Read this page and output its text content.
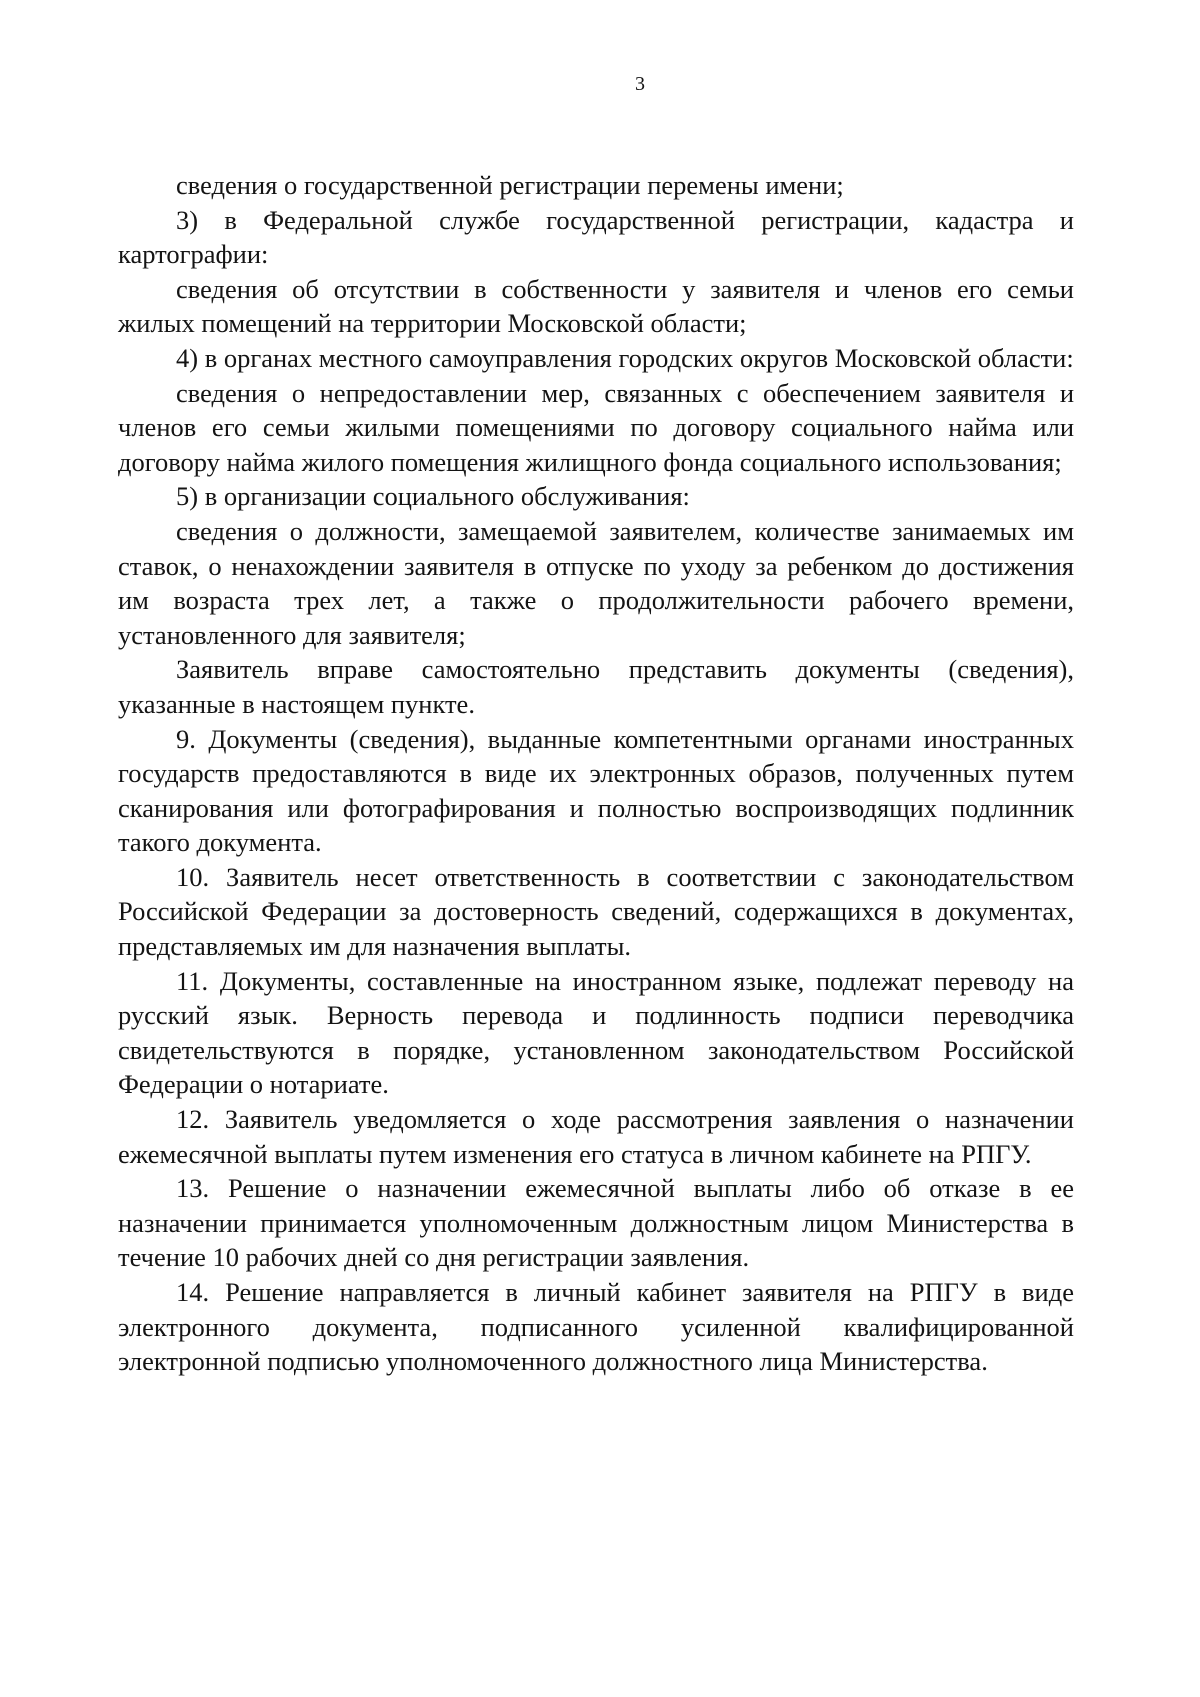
3

сведения о государственной регистрации перемены имени;

3) в Федеральной службе государственной регистрации, кадастра и картографии:

сведения об отсутствии в собственности у заявителя и членов его семьи жилых помещений на территории Московской области;

4) в органах местного самоуправления городских округов Московской области:

сведения о непредоставлении мер, связанных с обеспечением заявителя и членов его семьи жилыми помещениями по договору социального найма или договору найма жилого помещения жилищного фонда социального использования;

5) в организации социального обслуживания:

сведения о должности, замещаемой заявителем, количестве занимаемых им ставок, о ненахождении заявителя в отпуске по уходу за ребенком до достижения им возраста трех лет, а также о продолжительности рабочего времени, установленного для заявителя;

Заявитель вправе самостоятельно представить документы (сведения), указанные в настоящем пункте.

9. Документы (сведения), выданные компетентными органами иностранных государств предоставляются в виде их электронных образов, полученных путем сканирования или фотографирования и полностью воспроизводящих подлинник такого документа.

10. Заявитель несет ответственность в соответствии с законодательством Российской Федерации за достоверность сведений, содержащихся в документах, представляемых им для назначения выплаты.

11. Документы, составленные на иностранном языке, подлежат переводу на русский язык. Верность перевода и подлинность подписи переводчика свидетельствуются в порядке, установленном законодательством Российской Федерации о нотариате.

12. Заявитель уведомляется о ходе рассмотрения заявления о назначении ежемесячной выплаты путем изменения его статуса в личном кабинете на РПГУ.

13. Решение о назначении ежемесячной выплаты либо об отказе в ее назначении принимается уполномоченным должностным лицом Министерства в течение 10 рабочих дней со дня регистрации заявления.

14. Решение направляется в личный кабинет заявителя на РПГУ в виде электронного документа, подписанного усиленной квалифицированной электронной подписью уполномоченного должностного лица Министерства.
